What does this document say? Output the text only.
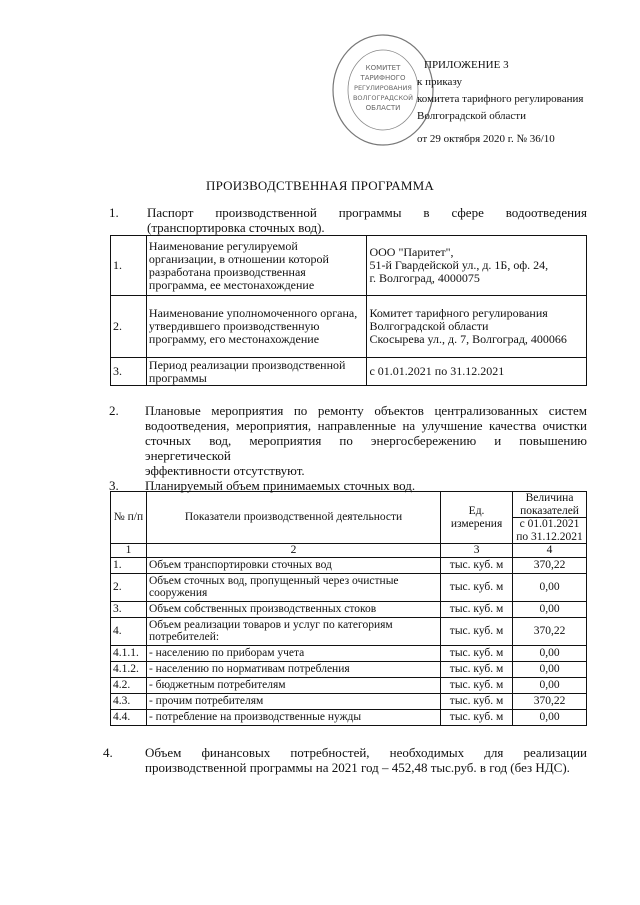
КОМИТЕТ
ТАРИФНОГО
РЕГУЛИРОВАНИЯ
ВОЛГОГРАДСКОЙ
ОБЛАСТИ
ПРИЛОЖЕНИЕ 3
к приказу
комитета тарифного регулирования
Волгоградской области
от 29 октября 2020 г. № 36/10
ПРОИЗВОДСТВЕННАЯ ПРОГРАММА
1. Паспорт производственной программы в сфере водоотведения
(транспортировка сточных вод).
1.	Наименование регулируемой организации, в отношении которой разработана производственная программа, ее местонахождение	ООО "Паритет",
51-й Гвардейской ул., д. 1Б, оф. 24,
г. Волгоград, 4000075

2.	Наименование уполномоченного органа, утвердившего производственную программу, его местонахождение	Комитет тарифного регулирования
Волгоградской области
Скосырева ул., д. 7, Волгоград, 400066

3.	Период реализации производственной программы	с 01.01.2021 по 31.12.2021
2. Плановые мероприятия по ремонту объектов централизованных систем
водоотведения, мероприятия, направленные на улучшение качества очистки
сточных вод, мероприятия по энергосбережению и повышению энергетической
эффективности отсутствуют.
3. Планируемый объем принимаемых сточных вод.
№ п/п	Показатели производственной деятельности	Ед. измерения	Величина показателей
			с 01.01.2021 по 31.12.2021
1	2	3	4
1.	Объем транспортировки сточных вод	тыс. куб. м	370,22
2.	Объем сточных вод, пропущенный через очистные сооружения	тыс. куб. м	0,00
3.	Объем собственных производственных стоков	тыс. куб. м	0,00
4.	Объем реализации товаров и услуг по категориям потребителей:	тыс. куб. м	370,22
4.1.1.	- населению по приборам учета	тыс. куб. м	0,00
4.1.2.	- населению по нормативам потребления	тыс. куб. м	0,00
4.2.	- бюджетным потребителям	тыс. куб. м	0,00
4.3.	- прочим потребителям	тыс. куб. м	370,22
4.4.	- потребление на производственные нужды	тыс. куб. м	0,00
4. Объем финансовых потребностей, необходимых для реализации
производственной программы на 2021 год – 452,48 тыс.руб. в год (без НДС).
